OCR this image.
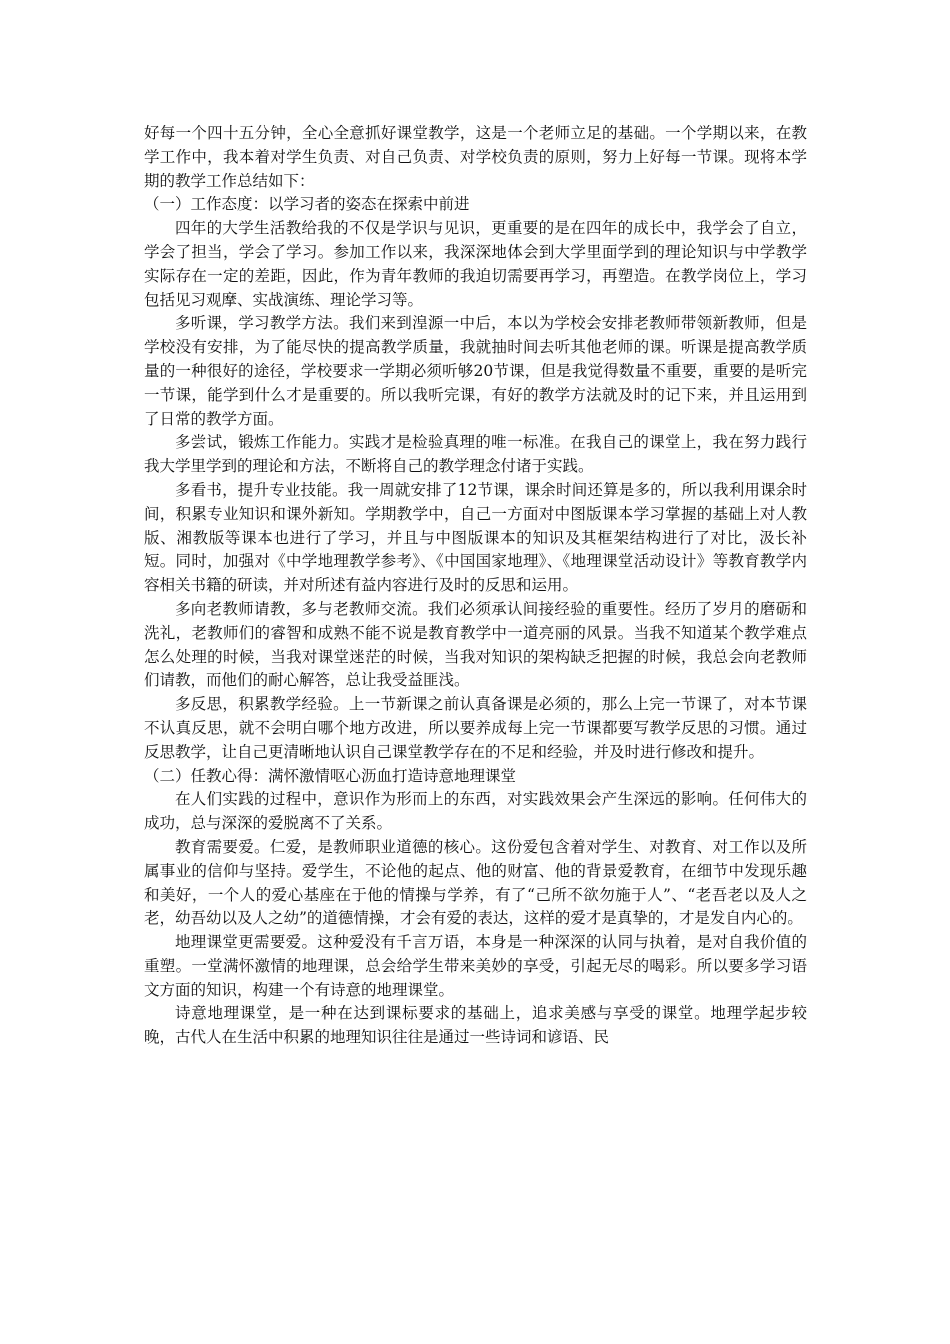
好每一个四十五分钟，全心全意抓好课堂教学，这是一个老师立足的基础。一个学期以来，在教学工作中，我本着对学生负责、对自己负责、对学校负责的原则，努力上好每一节课。现将本学期的教学工作总结如下：

（一）工作态度：以学习者的姿态在探索中前进

四年的大学生活教给我的不仅是学识与见识，更重要的是在四年的成长中，我学会了自立，学会了担当，学会了学习。参加工作以来，我深深地体会到大学里面学到的理论知识与中学教学实际存在一定的差距，因此，作为青年教师的我迫切需要再学习，再塑造。在教学岗位上，学习包括见习观摩、实战演练、理论学习等。

多听课，学习教学方法。我们来到湟源一中后，本以为学校会安排老教师带领新教师，但是学校没有安排，为了能尽快的提高教学质量，我就抽时间去听其他老师的课。听课是提高教学质量的一种很好的途径，学校要求一学期必须听够20节课，但是我觉得数量不重要，重要的是听完一节课，能学到什么才是重要的。所以我听完课，有好的教学方法就及时的记下来，并且运用到了日常的教学方面。

多尝试，锻炼工作能力。实践才是检验真理的唯一标准。在我自己的课堂上，我在努力践行我大学里学到的理论和方法，不断将自己的教学理念付诸于实践。

多看书，提升专业技能。我一周就安排了12节课，课余时间还算是多的，所以我利用课余时间，积累专业知识和课外新知。学期教学中，自己一方面对中图版课本学习掌握的基础上对人教版、湘教版等课本也进行了学习，并且与中图版课本的知识及其框架结构进行了对比，汲长补短。同时，加强对《中学地理教学参考》、《中国国家地理》、《地理课堂活动设计》等教育教学内容相关书籍的研读，并对所述有益内容进行及时的反思和运用。

多向老教师请教，多与老教师交流。我们必须承认间接经验的重要性。经历了岁月的磨砺和洗礼，老教师们的睿智和成熟不能不说是教育教学中一道亮丽的风景。当我不知道某个教学难点怎么处理的时候，当我对课堂迷茫的时候，当我对知识的架构缺乏把握的时候，我总会向老教师们请教，而他们的耐心解答，总让我受益匪浅。

多反思，积累教学经验。上一节新课之前认真备课是必须的，那么上完一节课了，对本节课不认真反思，就不会明白哪个地方改进，所以要养成每上完一节课都要写教学反思的习惯。通过反思教学，让自己更清晰地认识自己课堂教学存在的不足和经验，并及时进行修改和提升。

（二）任教心得：满怀激情呕心沥血打造诗意地理课堂

在人们实践的过程中，意识作为形而上的东西，对实践效果会产生深远的影响。任何伟大的成功，总与深深的爱脱离不了关系。

教育需要爱。仁爱，是教师职业道德的核心。这份爱包含着对学生、对教育、对工作以及所属事业的信仰与坚持。爱学生，不论他的起点、他的财富、他的背景爱教育，在细节中发现乐趣和美好，一个人的爱心基座在于他的情操与学养，有了“己所不欲勿施于人”、“老吾老以及人之老，幼吾幼以及人之幼”的道德情操，才会有爱的表达，这样的爱才是真挚的，才是发自内心的。

地理课堂更需要爱。这种爱没有千言万语，本身是一种深深的认同与执着，是对自我价值的重塑。一堂满怀激情的地理课，总会给学生带来美妙的享受，引起无尽的喝彩。所以要多学习语文方面的知识，构建一个有诗意的地理课堂。

诗意地理课堂，是一种在达到课标要求的基础上，追求美感与享受的课堂。地理学起步较晚，古代人在生活中积累的地理知识往往是通过一些诗词和谚语、民
